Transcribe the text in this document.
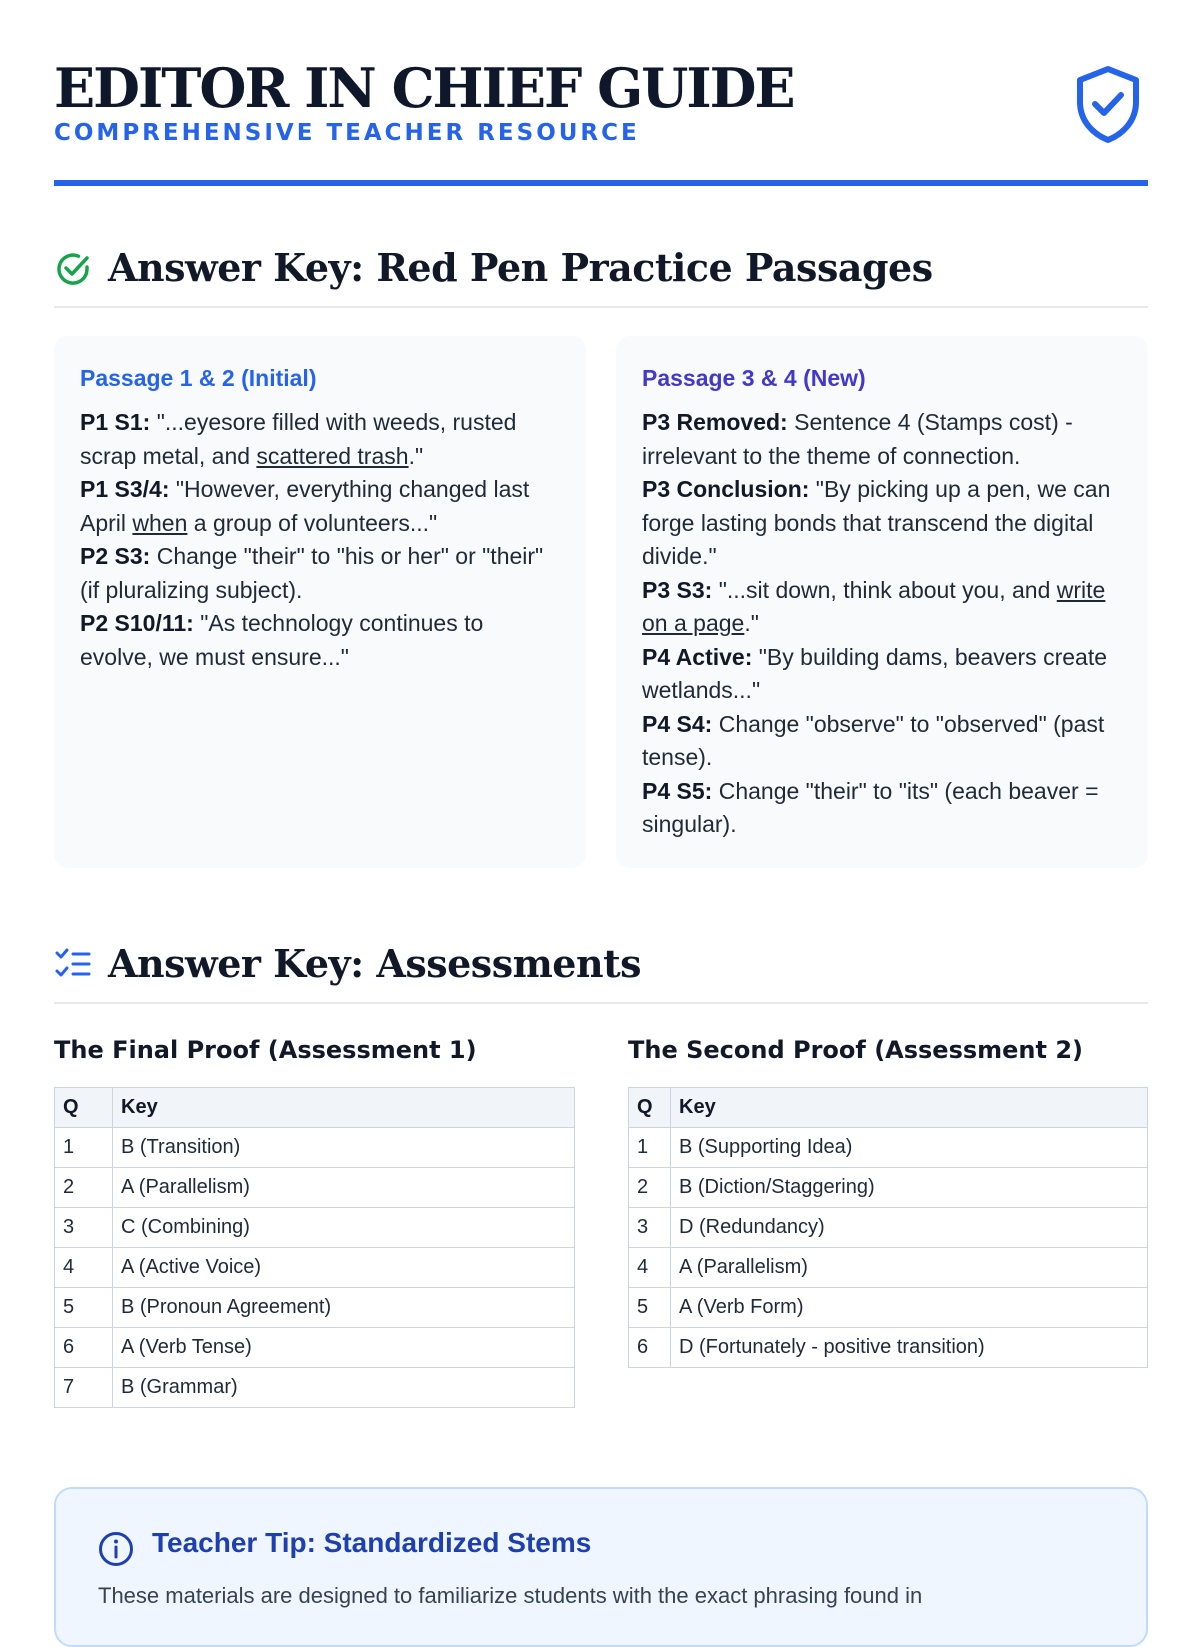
EDITOR IN CHIEF GUIDE
COMPREHENSIVE TEACHER RESOURCE
Answer Key: Red Pen Practice Passages
Passage 1 & 2 (Initial)

P1 S1: "...eyesore filled with weeds, rusted scrap metal, and scattered trash."

P1 S3/4: "However, everything changed last April when a group of volunteers..."

P2 S3: Change "their" to "his or her" or "their" (if pluralizing subject).

P2 S10/11: "As technology continues to evolve, we must ensure..."

Passage 3 & 4 (New)

P3 Removed: Sentence 4 (Stamps cost) - irrelevant to the theme of connection.

P3 Conclusion: "By picking up a pen, we can forge lasting bonds that transcend the digital divide."

P3 S3: "...sit down, think about you, and write on a page."

P4 Active: "By building dams, beavers create wetlands..."

P4 S4: Change "observe" to "observed" (past tense).

P4 S5: Change "their" to "its" (each beaver = singular).

Answer Key: Assessments
The Final Proof (Assessment 1)
Q	Key
1	B (Transition)
2	A (Parallelism)
3	C (Combining)
4	A (Active Voice)
5	B (Pronoun Agreement)
6	A (Verb Tense)
7	B (Grammar)
The Second Proof (Assessment 2)
Q	Key
1	B (Supporting Idea)
2	B (Diction/Staggering)
3	D (Redundancy)
4	A (Parallelism)
5	A (Verb Form)
6	D (Fortunately - positive transition)
Teacher Tip: Standardized Stems
These materials are designed to familiarize students with the exact phrasing found in
